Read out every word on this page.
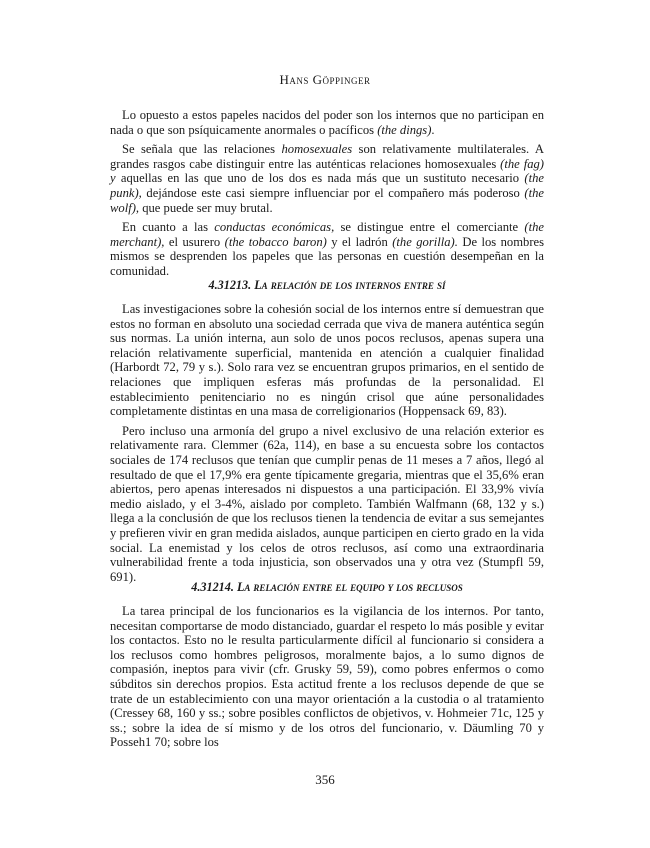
Hans Göppinger

Lo opuesto a estos papeles nacidos del poder son los internos que no participan en nada o que son psíquicamente anormales o pacíficos (the dings).

Se señala que las relaciones homosexuales son relativamente multilaterales. A grandes rasgos cabe distinguir entre las auténticas relaciones homosexuales (the fag) y aquellas en las que uno de los dos es nada más que un sustituto necesario (the punk), dejándose este casi siempre influenciar por el compañero más poderoso (the wolf), que puede ser muy brutal.

En cuanto a las conductas económicas, se distingue entre el comerciante (the merchant), el usurero (the tobacco baron) y el ladrón (the gorilla). De los nombres mismos se desprenden los papeles que las personas en cuestión desempeñan en la comunidad.

4.31213. La relación de los internos entre sí

Las investigaciones sobre la cohesión social de los internos entre sí demuestran que estos no forman en absoluto una sociedad cerrada que viva de manera auténtica según sus normas. La unión interna, aun solo de unos pocos reclusos, apenas supera una relación relativamente superficial, mantenida en atención a cualquier finalidad (Harbordt 72, 79 y s.). Solo rara vez se encuentran grupos primarios, en el sentido de relaciones que impliquen esferas más profundas de la personalidad. El establecimiento penitenciario no es ningún crisol que aúne personalidades completamente distintas en una masa de correligionarios (Hoppensack 69, 83).

Pero incluso una armonía del grupo a nivel exclusivo de una relación exterior es relativamente rara. Clemmer (62a, 114), en base a su encuesta sobre los contactos sociales de 174 reclusos que tenían que cumplir penas de 11 meses a 7 años, llegó al resultado de que el 17,9% era gente típicamente gregaria, mientras que el 35,6% eran abiertos, pero apenas interesados ni dispuestos a una participación. El 33,9% vivía medio aislado, y el 3-4%, aislado por completo. También Walfmann (68, 132 y s.) llega a la conclusión de que los reclusos tienen la tendencia de evitar a sus semejantes y prefieren vivir en gran medida aislados, aunque participen en cierto grado en la vida social. La enemistad y los celos de otros reclusos, así como una extraordinaria vulnerabilidad frente a toda injusticia, son observados una y otra vez (Stumpfl 59, 691).

4.31214. La relación entre el equipo y los reclusos

La tarea principal de los funcionarios es la vigilancia de los internos. Por tanto, necesitan comportarse de modo distanciado, guardar el respeto lo más posible y evitar los contactos. Esto no le resulta particularmente difícil al funcionario si considera a los reclusos como hombres peligrosos, moralmente bajos, a lo sumo dignos de compasión, ineptos para vivir (cfr. Grusky 59, 59), como pobres enfermos o como súbditos sin derechos propios. Esta actitud frente a los reclusos depende de que se trate de un establecimiento con una mayor orientación a la custodia o al tratamiento (Cressey 68, 160 y ss.; sobre posibles conflictos de objetivos, v. Hohmeier 71c, 125 y ss.; sobre la idea de sí mismo y de los otros del funcionario, v. Däumling 70 y Posseh1 70; sobre los

356
